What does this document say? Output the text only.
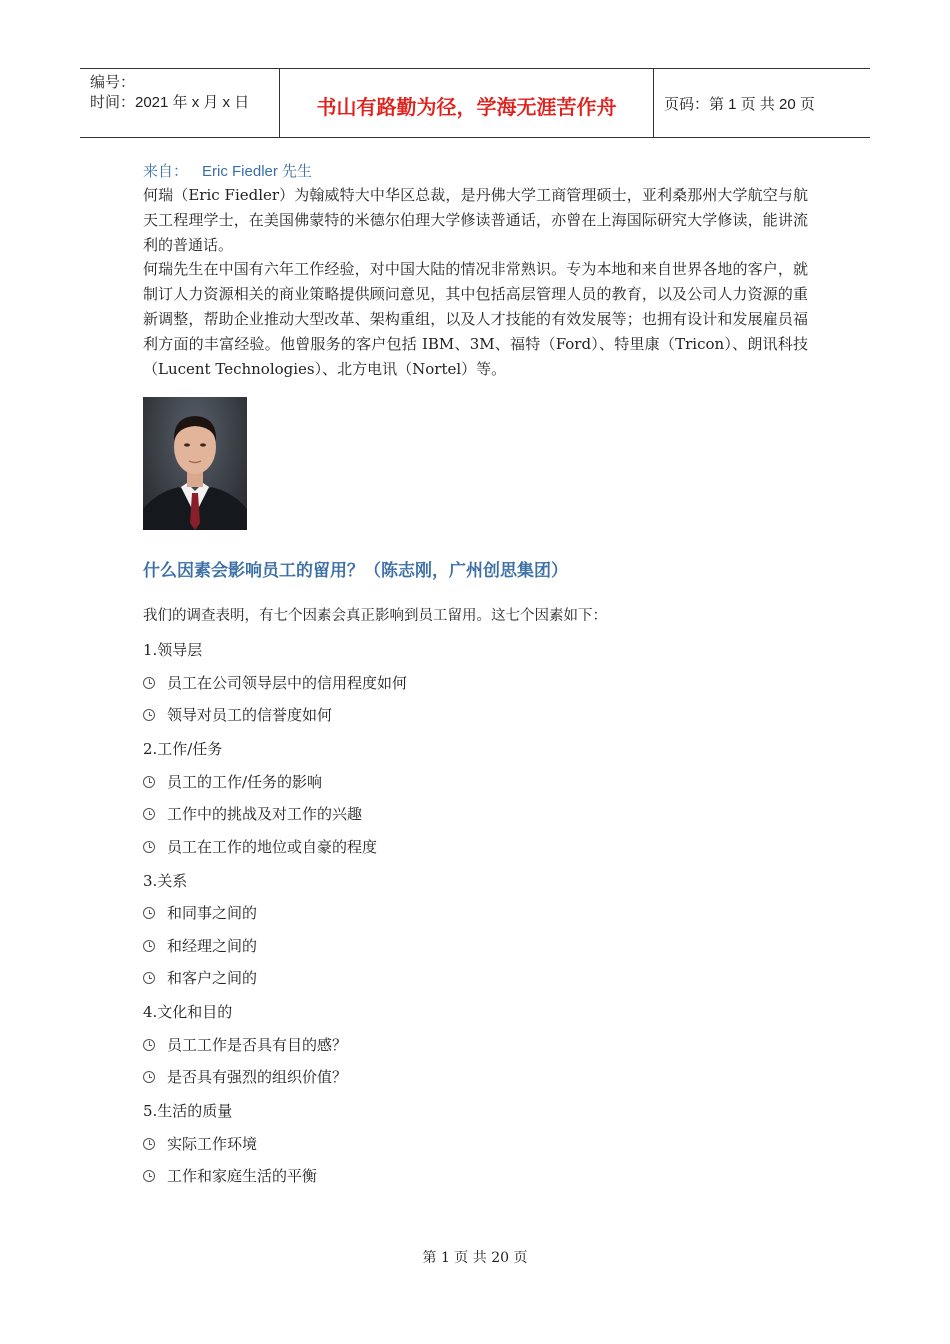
编号：
时间：2021 年 x 月 x 日	书山有路勤为径，学海无涯苦作舟	页码：第 1 页 共 20 页
来自： Eric Fiedler 先生

何瑞（Eric Fiedler）为翰威特大中华区总裁，是丹佛大学工商管理硕士，亚利桑那州大学航空与航天工程理学士，在美国佛蒙特的米德尔伯理大学修读普通话，亦曾在上海国际研究大学修读，能讲流利的普通话。

何瑞先生在中国有六年工作经验，对中国大陆的情况非常熟识。专为本地和来自世界各地的客户，就制订人力资源相关的商业策略提供顾问意见，其中包括高层管理人员的教育，以及公司人力资源的重新调整，帮助企业推动大型改革、架构重组，以及人才技能的有效发展等；也拥有设计和发展雇员福利方面的丰富经验。他曾服务的客户包括 IBM、3M、福特（Ford）、特里康（Tricon）、朗讯科技（Lucent Technologies）、北方电讯（Nortel）等。

什么因素会影响员工的留用？（陈志刚，广州创思集团）
我们的调查表明，有七个因素会真正影响到员工留用。这七个因素如下：
1.领导层
员工在公司领导层中的信用程度如何
领导对员工的信誉度如何
2.工作/任务
员工的工作/任务的影响
工作中的挑战及对工作的兴趣
员工在工作的地位或自豪的程度
3.关系
和同事之间的
和经理之间的
和客户之间的
4.文化和目的
员工工作是否具有目的感？
是否具有强烈的组织价值？
5.生活的质量
实际工作环境
工作和家庭生活的平衡
第 1 页 共 20 页
